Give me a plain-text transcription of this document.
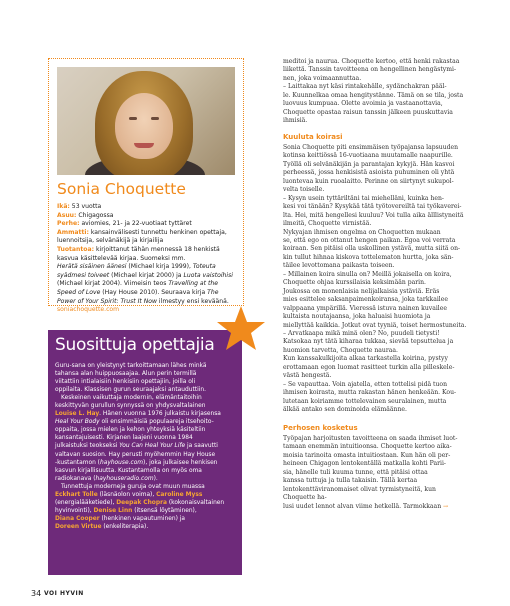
Sonia Choquette
Ikä: 53 vuotta
Asuu: Chigagossa
Perhe: aviomies, 21- ja 22-vuotiaat tyttäret
Ammatti: kansainvälisesti tunnettu henkinen opettaja, luennoitsija, selvänäkijä ja kirjailija
Tuotantoa: kirjoittanut tähän mennessä 18 henkistä kasvua käsittelevää kirjaa. Suomeksi mm.
Herätä sisäinen äänesi (Michael kirja 1999), Toteuta syädmesi toiveet (Michael kirjat 2000) ja Luota vaistoihisi (Michael kirjat 2004). Viimeisin teos Travelling at the Speed of Love (Hay House 2010). Seuraava kirja The Power of Your Spirit: Trust It Now ilmestyy ensi keväänä. soniachoquette.com
Suosittuja opettajia
Guru-sana on yleistynyt tarkoittamaan lähes minkä
tahansa alan huippuosaajaa. Alun perin termillä
viitattiin intialaisiin henkisiin opettajiin, joilla oli
oppilaita. Klassisen gurun seuraajaksi antauduttiin.
Keskeinen vaikuttaja modernin, elämäntaitoihin
keskittyvän gurullun synnyssä on yhdysvaltalainen
Louise L. Hay. Hänen vuonna 1976 julkaistu kirjasensa
Heal Your Body oli ensimmäisiä populaareja itsehoito-
oppaita, jossa mielen ja kehon yhteyksiä käsiteltiin
kansantajuisesti. Kirjanen laajeni vuonna 1984
julkaistuksi teokseksi You Can Heal Your Life ja saavutti
valtavan suosion. Hay perusti myöhemmin Hay House
-kustantamon (hayhouse.com), joka julkaisee henkisen
kasvun kirjallisuutta. Kustantamolla on myös oma
radiokanava (hayhouseradio.com).
Tunnettuja moderneja guruja ovat muun muassa
Eckhart Tolle (läsnäolon voima), Caroline Myss
(energialääketiede), Deepak Chopra (kokonaisvaltainen
hyvinvointi), Denise Linn (itsensä löytäminen),
Diana Cooper (henkinen vapautuminen) ja
Doreen Virtue (enkeliterapia).
meditoi ja naurua. Choquette kertoo, että henki rakastaa
liikettä. Tanssin tavoitteena on hengellinen hengästymi-
nen, joka voimaannuttaa.
– Laittakaa nyt käsi rintakehälle, sydänchakran pääl-
le. Kuunnelkaa omaa hengitystänne. Tämä on se tila, josta
luovuus kumpuaa. Olette avoimia ja vastaanottavia,
Choquette opastaa raisun tanssin jälkeen puuskuttavia
ihmisiä.
Kuulutа koirasi
Sonia Choquette piti ensimmäisen työpajansa lapsuuden
kotinsa keittiössä 16-vuotiaana muutamalle naapurille.
Työllä oli selvänäkijän ja parantajan kykyjä. Hän kasvoi
perheessä, jossa henkisistä asioista puhuminen oli yhtä
luontevaa kuin ruoalaitto. Perinne on siirtynyt sukupol-
velta toiselle.
– Kysyn usein tyttäriltäni tai miehelläni, kuinka hen-
kesi voi tänään? Kysykää tätä työtovereiltä tai työkaverei-
lta. Hei, mitä hengellesi kuuluu? Voi tulla aika älllistyneitä
ilmeitä, Choquette virnistää.
Nykyajan ihmisen ongelma on Choquetten mukaan
se, että ego on ottanut hengen paikan. Egoa voi verrata
koiraan. Sen pitäisi olla uskollinen ystävä, mutta siitä on-
kin tullut hihnaa kiskova tottelematon hurtta, joka sän-
täilee levottomana paikasta toiseen.
– Millainen koira sinulla on? Meillä jokaisella on koira,
Choquette ohjaa kurssilaisia keksimään parin.
Joukossa on monenlaisia nelijalkaisia ystäviä. Eräs
mies esittelee saksanpaimenkoiransa, joka tarkkailee
valppaana ympärillä. Vieressä istuva nainen kuvailee
kultaista noutajaansa, joka haluaisi huomiota ja
miellyttää kaikkia. Jotkut ovat tyyniä, toiset hermostuneita.
– Arvatkaapa mikä minä olen? No, puudeli tietysti!
Katsokaa nyt tätä kiharaa tukkaa, sievää tepsuttelua ja
huomion tarvetta, Choquette nauraa.
Kun kanssakulkijoita alkaa tarkastella koirina, pystyy
erottamaan egon luomat rasitteet turkin alla pilleskele-
västä hengestä.
– Se vapauttaa. Voin ajatella, etten tottelisi pidä tuon
ihmisen koirasta, mutta rakastan hänen henkeään. Kou-
lutetaan koiriamme tottelevainen seuralainen, mutta
älkää antako sen dominoida elämäänne.
Perhosen kosketus
Työpajan harjoitusten tavoitteena on saada ihmiset luot-
tamaan enemmän intuitioonsa. Choquette kertoo aika-
moisia tarinoita omasta intuitiostaan. Kun hän oli per-
heineen Chigagon lentokentällä matkalla kohti Parii-
sia, hänelle tuli kuuma tunne, että pitäisi ottaa
kanssa tuttuja ja tulla takaisin. Tällä kertaa
lentokenttäviranomaiset olivat tyrmistyneitä, kun Choquette ha-
lusi uudet lennot alvan viime hetkellä. Tarmokkaan →
34 VOI HYVIN
